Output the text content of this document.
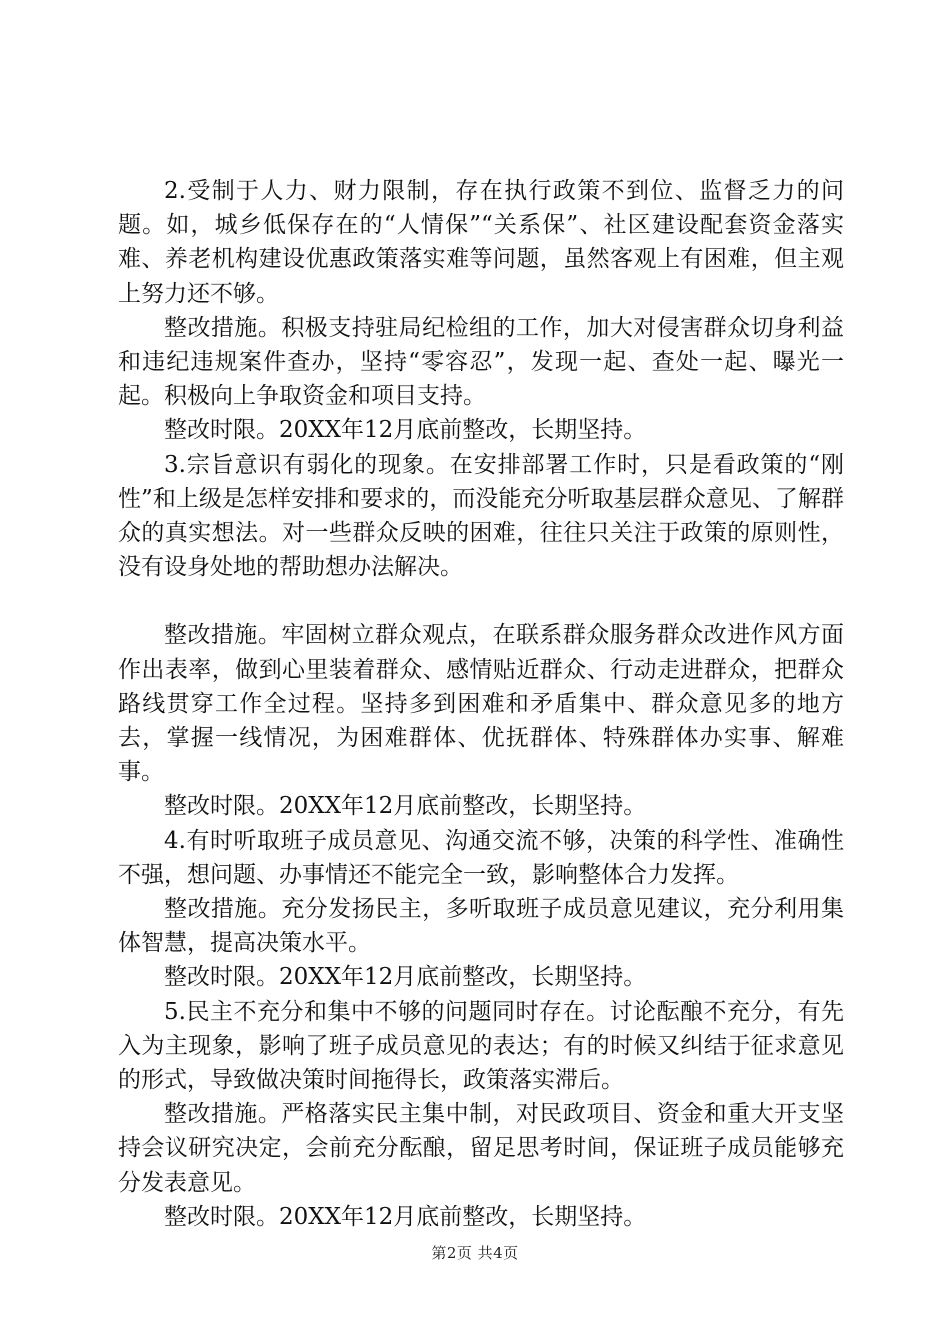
2.受制于人力、财力限制，存在执行政策不到位、监督乏力的问题。如，城乡低保存在的“人情保”“关系保”、社区建设配套资金落实难、养老机构建设优惠政策落实难等问题，虽然客观上有困难，但主观上努力还不够。

整改措施。积极支持驻局纪检组的工作，加大对侵害群众切身利益和违纪违规案件查办，坚持“零容忍”，发现一起、查处一起、曝光一起。积极向上争取资金和项目支持。

整改时限。20XX年12月底前整改，长期坚持。

3.宗旨意识有弱化的现象。在安排部署工作时，只是看政策的“刚性”和上级是怎样安排和要求的，而没能充分听取基层群众意见、了解群众的真实想法。对一些群众反映的困难，往往只关注于政策的原则性，没有设身处地的帮助想办法解决。

整改措施。牢固树立群众观点，在联系群众服务群众改进作风方面作出表率，做到心里装着群众、感情贴近群众、行动走进群众，把群众路线贯穿工作全过程。坚持多到困难和矛盾集中、群众意见多的地方去，掌握一线情况，为困难群体、优抚群体、特殊群体办实事、解难事。

整改时限。20XX年12月底前整改，长期坚持。

4.有时听取班子成员意见、沟通交流不够，决策的科学性、准确性不强，想问题、办事情还不能完全一致，影响整体合力发挥。

整改措施。充分发扬民主，多听取班子成员意见建议，充分利用集体智慧，提高决策水平。

整改时限。20XX年12月底前整改，长期坚持。

5.民主不充分和集中不够的问题同时存在。讨论酝酿不充分，有先入为主现象，影响了班子成员意见的表达；有的时候又纠结于征求意见的形式，导致做决策时间拖得长，政策落实滞后。

整改措施。严格落实民主集中制，对民政项目、资金和重大开支坚持会议研究决定，会前充分酝酿，留足思考时间，保证班子成员能够充分发表意见。

整改时限。20XX年12月底前整改，长期坚持。

第2页 共4页
